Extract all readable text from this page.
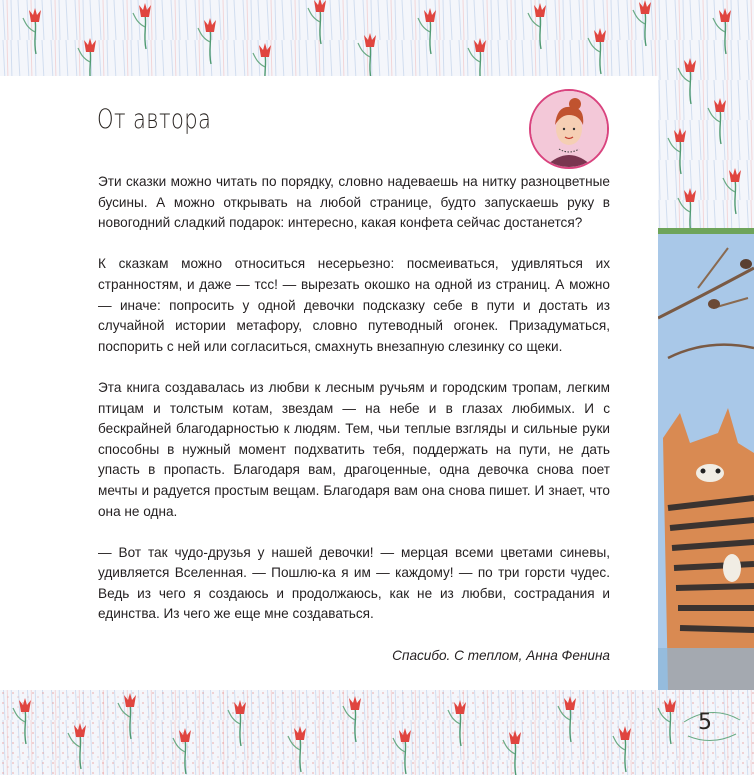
От автора

Эти сказки можно читать по порядку, словно надеваешь на нитку разноцветные бусины. А можно открывать на любой странице, будто запускаешь руку в новогодний сладкий подарок: интересно, какая конфета сейчас достанется?

К сказкам можно относиться несерьезно: посмеиваться, удивляться их странностям, и даже — тсс! — вырезать окошко на одной из страниц. А можно — иначе: попросить у одной девочки подсказку себе в пути и достать из случайной истории метафору, словно путеводный огонек. Призадуматься, поспорить с ней или согласиться, смахнуть внезапную слезинку со щеки.

Эта книга создавалась из любви к лесным ручьям и городским тропам, легким птицам и толстым котам, звездам — на небе и в глазах любимых. И с бескрайней благодарностью к людям. Тем, чьи теплые взгляды и сильные руки способны в нужный момент подхватить тебя, поддержать на пути, не дать упасть в пропасть. Благодаря вам, драгоценные, одна девочка снова поет мечты и радуется простым вещам. Благодаря вам она снова пишет. И знает, что она не одна.

— Вот так чудо-друзья у нашей девочки! — мерцая всеми цветами синевы, удивляется Вселенная. — Пошлю-ка я им — каждому! — по три горсти чудес. Ведь из чего я создаюсь и продолжаюсь, как не из любви, сострадания и единства. Из чего же еще мне создаваться.

Спасибо. С теплом, Анна Фенина

5
